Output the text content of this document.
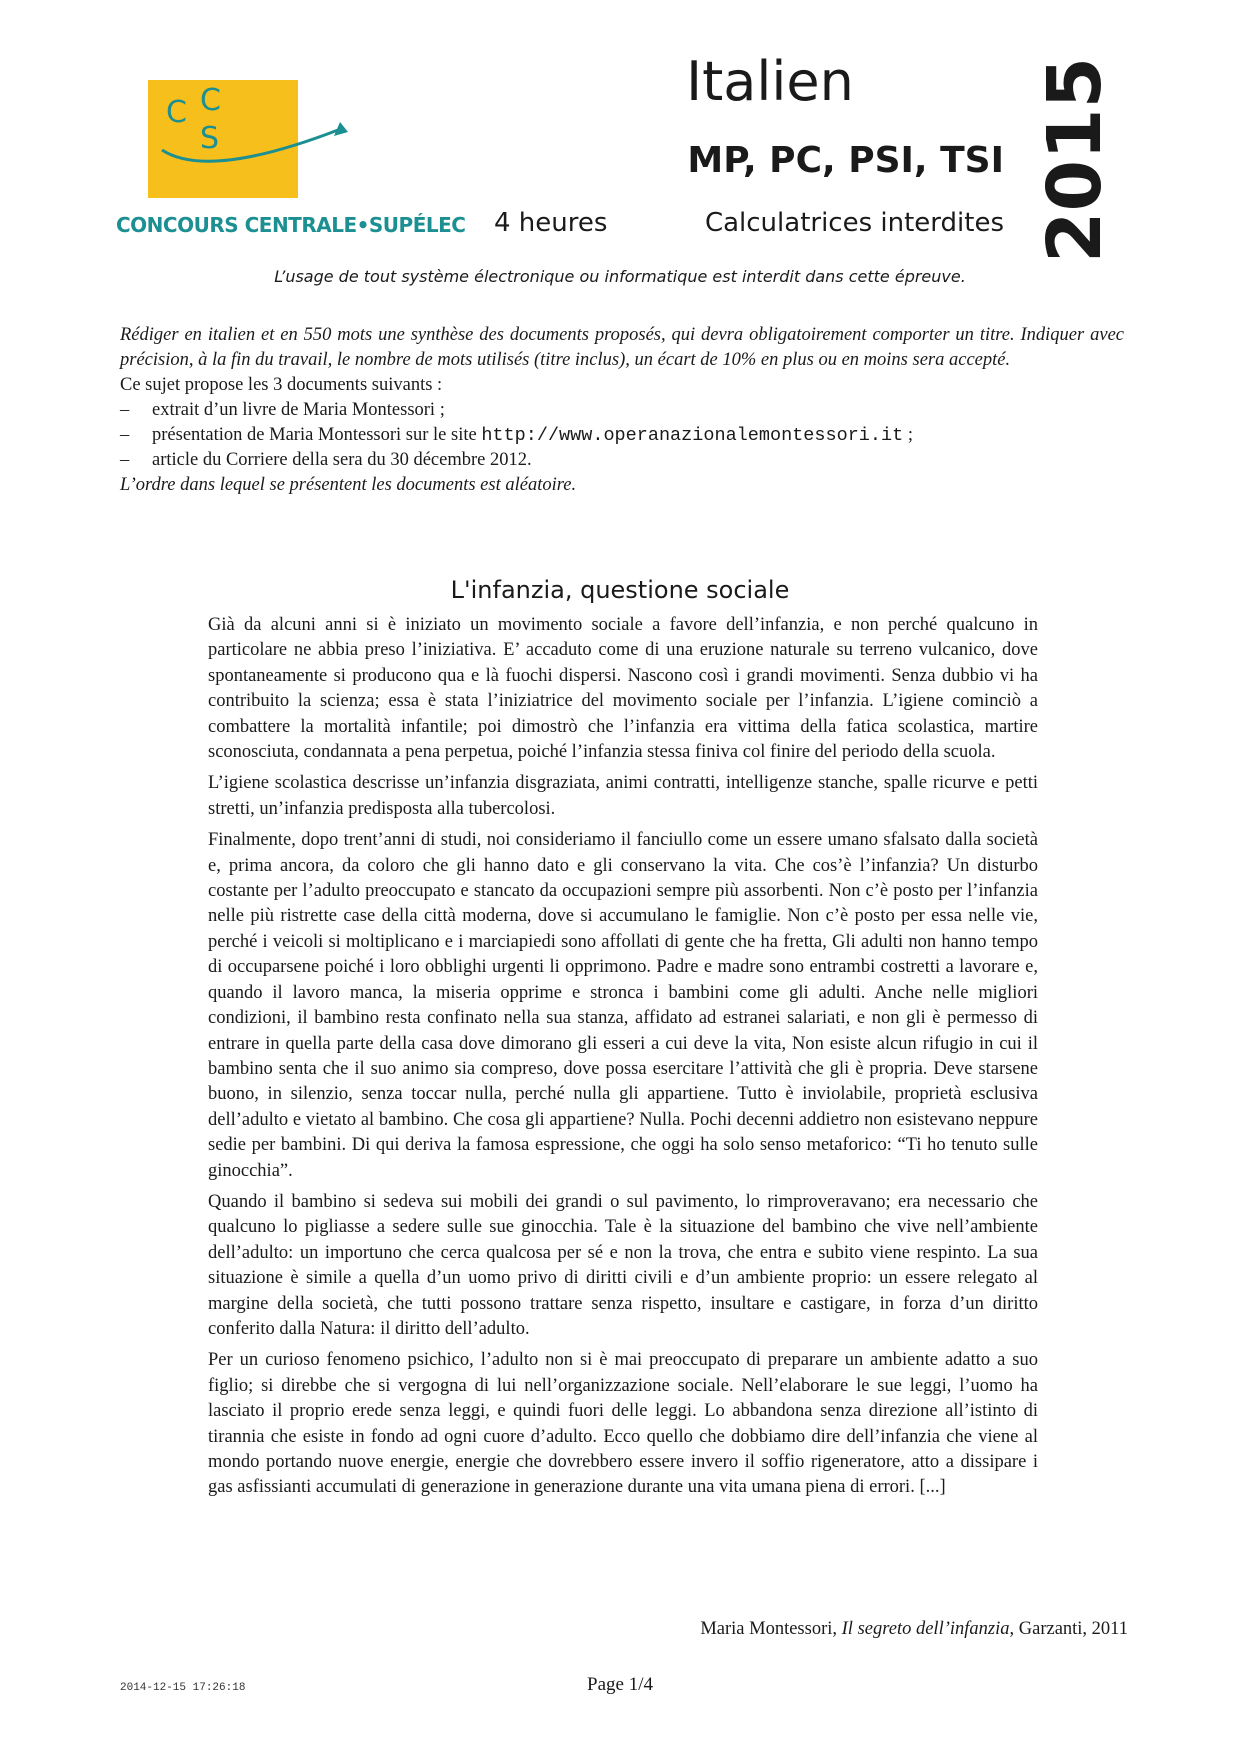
C C
S
CONCOURS CENTRALE•SUPÉLEC
Italien
MP, PC, PSI, TSI
4 heures	Calculatrices interdites 2015
L’usage de tout système électronique ou informatique est interdit dans cette épreuve.

Rédiger en italien et en 550 mots une synthèse des documents proposés, qui devra obligatoirement comporter un titre. Indiquer avec précision, à la fin du travail, le nombre de mots utilisés (titre inclus), un écart de 10% en plus ou en moins sera accepté.

Ce sujet propose les 3 documents suivants :

– extrait d’un livre de Maria Montessori ;
– présentation de Maria Montessori sur le site http://www.operanazionalemontessori.it ;
– article du Corriere della sera du 30 décembre 2012.

L’ordre dans lequel se présentent les documents est aléatoire.

L'infanzia, questione sociale

Già da alcuni anni si è iniziato un movimento sociale a favore dell’infanzia, e non perché qualcuno in particolare ne abbia preso l’iniziativa. E’ accaduto come di una eruzione naturale su terreno vulcanico, dove spontaneamente si producono qua e là fuochi dispersi. Nascono così i grandi movimenti. Senza dubbio vi ha contribuito la scienza; essa è stata l’iniziatrice del movimento sociale per l’infanzia. L’igiene cominciò a combattere la mortalità infantile; poi dimostrò che l’infanzia era vittima della fatica scolastica, martire sconosciuta, condannata a pena perpetua, poiché l’infanzia stessa finiva col finire del periodo della scuola.

L’igiene scolastica descrisse un’infanzia disgraziata, animi contratti, intelligenze stanche, spalle ricurve e petti stretti, un’infanzia predisposta alla tubercolosi.

Finalmente, dopo trent’anni di studi, noi consideriamo il fanciullo come un essere umano sfalsato dalla società e, prima ancora, da coloro che gli hanno dato e gli conservano la vita. Che cos’è l’infanzia? Un disturbo costante per l’adulto preoccupato e stancato da occupazioni sempre più assorbenti. Non c’è posto per l’infanzia nelle più ristrette case della città moderna, dove si accumulano le famiglie. Non c’è posto per essa nelle vie, perché i veicoli si moltiplicano e i marciapiedi sono affollati di gente che ha fretta, Gli adulti non hanno tempo di occuparsene poiché i loro obblighi urgenti li opprimono. Padre e madre sono entrambi costretti a lavorare e, quando il lavoro manca, la miseria opprime e stronca i bambini come gli adulti. Anche nelle migliori condizioni, il bambino resta confinato nella sua stanza, affidato ad estranei salariati, e non gli è permesso di entrare in quella parte della casa dove dimorano gli esseri a cui deve la vita, Non esiste alcun rifugio in cui il bambino senta che il suo animo sia compreso, dove possa esercitare l’attività che gli è propria. Deve starsene buono, in silenzio, senza toccar nulla, perché nulla gli appartiene. Tutto è inviolabile, proprietà esclusiva dell’adulto e vietato al bambino. Che cosa gli appartiene? Nulla. Pochi decenni addietro non esistevano neppure sedie per bambini. Di qui deriva la famosa espressione, che oggi ha solo senso metaforico: “Ti ho tenuto sulle ginocchia”.

Quando il bambino si sedeva sui mobili dei grandi o sul pavimento, lo rimproveravano; era necessario che qualcuno lo pigliasse a sedere sulle sue ginocchia. Tale è la situazione del bambino che vive nell’ambiente dell’adulto: un importuno che cerca qualcosa per sé e non la trova, che entra e subito viene respinto. La sua situazione è simile a quella d’un uomo privo di diritti civili e d’un ambiente proprio: un essere relegato al margine della società, che tutti possono trattare senza rispetto, insultare e castigare, in forza d’un diritto conferito dalla Natura: il diritto dell’adulto.

Per un curioso fenomeno psichico, l’adulto non si è mai preoccupato di preparare un ambiente adatto a suo figlio; si direbbe che si vergogna di lui nell’organizzazione sociale. Nell’elaborare le sue leggi, l’uomo ha lasciato il proprio erede senza leggi, e quindi fuori delle leggi. Lo abbandona senza direzione all’istinto di tirannia che esiste in fondo ad ogni cuore d’adulto. Ecco quello che dobbiamo dire dell’infanzia che viene al mondo portando nuove energie, energie che dovrebbero essere invero il soffio rigeneratore, atto a dissipare i gas asfissianti accumulati di generazione in generazione durante una vita umana piena di errori. [...]

Maria Montessori, Il segreto dell’infanzia, Garzanti, 2011
2014-12-15 17:26:18	Page 1/4
